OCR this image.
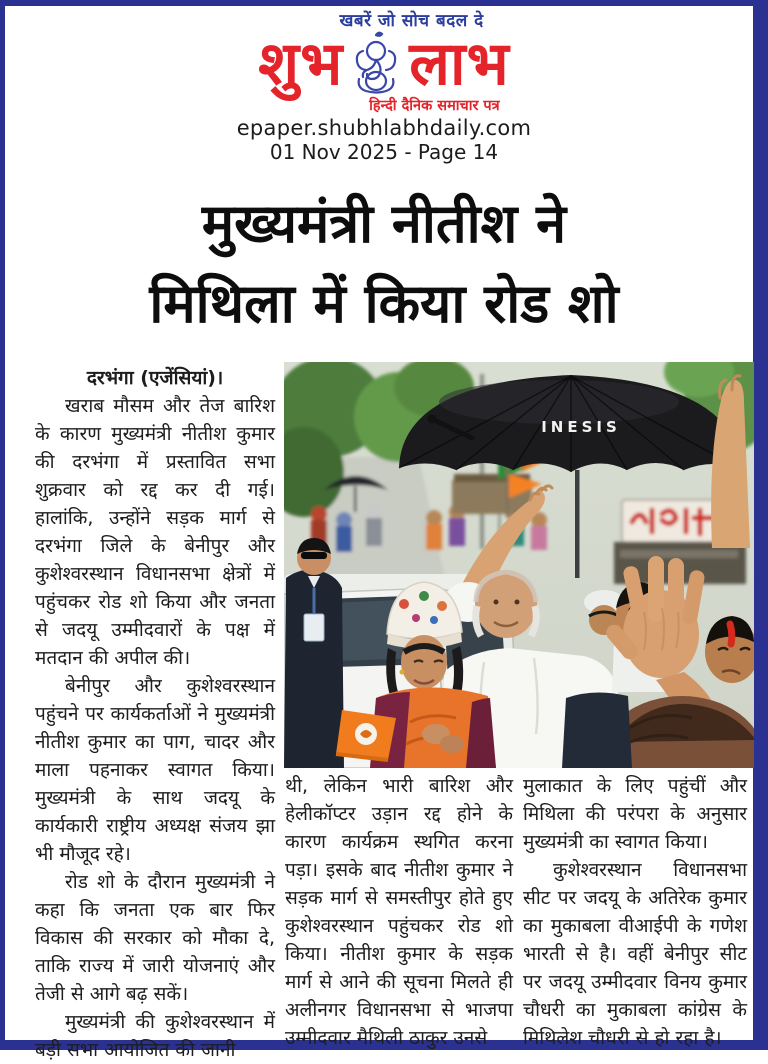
खबरें जो सोच बदल दे
शुभ लाभ
हिन्दी दैनिक समाचार पत्र
epaper.shubhlabhdaily.com
01 Nov 2025 - Page 14
मुख्यमंत्री नीतीश ने
मिथिला में किया रोड शो

दरभंगा (एजेंसियां)।

खराब मौसम और तेज बारिश के कारण मुख्यमंत्री नीतीश कुमार की दरभंगा में प्रस्तावित सभा शुक्रवार को रद्द कर दी गई। हालांकि, उन्होंने सड़क मार्ग से दरभंगा जिले के बेनीपुर और कुशेश्वरस्थान विधानसभा क्षेत्रों में पहुंचकर रोड शो किया और जनता से जदयू उम्मीदवारों के पक्ष में मतदान की अपील की।

बेनीपुर और कुशेश्वरस्थान पहुंचने पर कार्यकर्ताओं ने मुख्यमंत्री नीतीश कुमार का पाग, चादर और माला पहनाकर स्वागत किया। मुख्यमंत्री के साथ जदयू के कार्यकारी राष्ट्रीय अध्यक्ष संजय झा भी मौजूद रहे।

रोड शो के दौरान मुख्यमंत्री ने कहा कि जनता एक बार फिर विकास की सरकार को मौका दे, ताकि राज्य में जारी योजनाएं और तेजी से आगे बढ़ सकें।

मुख्यमंत्री की कुशेश्वरस्थान में बड़ी सभा आयोजित की जानी

INESIS

थी, लेकिन भारी बारिश और हेलीकॉप्टर उड़ान रद्द होने के कारण कार्यक्रम स्थगित करना पड़ा। इसके बाद नीतीश कुमार ने सड़क मार्ग से समस्तीपुर होते हुए कुशेश्वरस्थान पहुंचकर रोड शो किया। नीतीश कुमार के सड़क मार्ग से आने की सूचना मिलते ही अलीनगर विधानसभा से भाजपा उम्मीदवार मैथिली ठाकुर उनसे

मुलाकात के लिए पहुंचीं और मिथिला की परंपरा के अनुसार मुख्यमंत्री का स्वागत किया।

कुशेश्वरस्थान विधानसभा सीट पर जदयू के अतिरेक कुमार का मुकाबला वीआईपी के गणेश भारती से है। वहीं बेनीपुर सीट पर जदयू उम्मीदवार विनय कुमार चौधरी का मुकाबला कांग्रेस के मिथिलेश चौधरी से हो रहा है।
